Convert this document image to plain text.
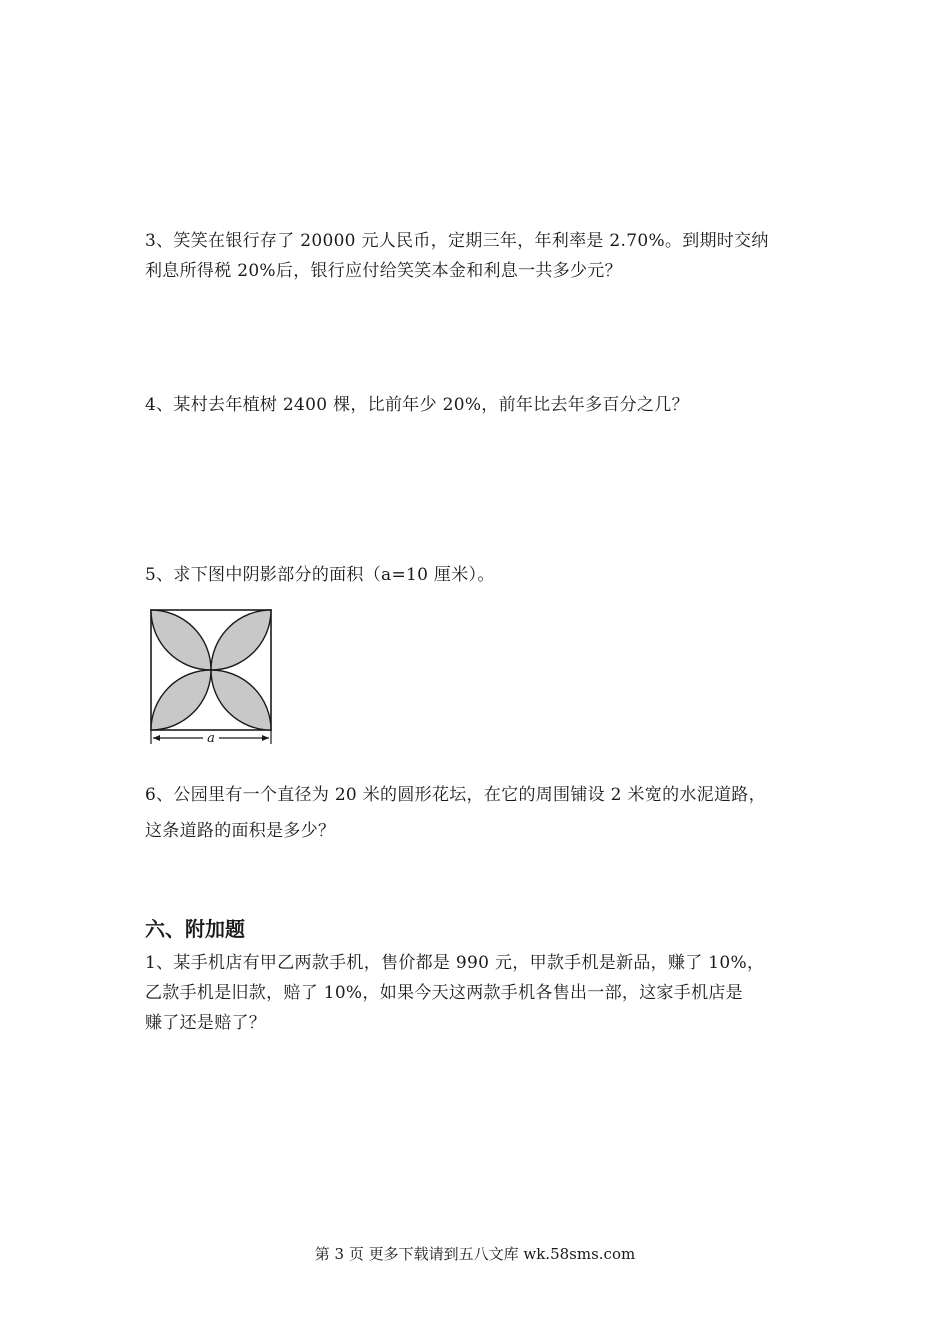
3、笑笑在银行存了 20000 元人民币，定期三年，年利率是 2.70%。到期时交纳

利息所得税 20%后，银行应付给笑笑本金和利息一共多少元？

4、某村去年植树 2400 棵，比前年少 20%，前年比去年多百分之几？

5、求下图中阴影部分的面积（a=10 厘米）。

a

6、公园里有一个直径为 20 米的圆形花坛，在它的周围铺设 2 米宽的水泥道路，

这条道路的面积是多少？

六、附加题

1、某手机店有甲乙两款手机，售价都是 990 元，甲款手机是新品，赚了 10%，

乙款手机是旧款，赔了 10%，如果今天这两款手机各售出一部，这家手机店是

赚了还是赔了？

第 3 页 更多下载请到五八文库 wk.58sms.com
